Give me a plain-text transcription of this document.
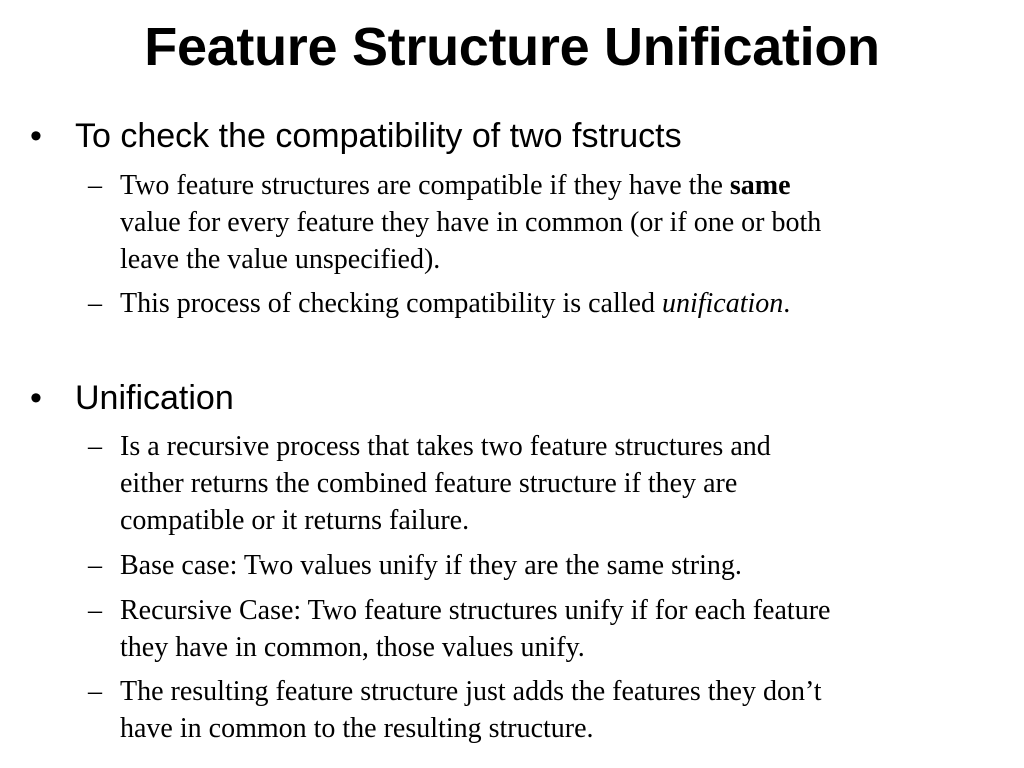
Feature Structure Unification
• To check the compatibility of two fstructs
– Two feature structures are compatible if they have the same
value for every feature they have in common (or if one or both
leave the value unspecified).
– This process of checking compatibility is called unification.
• Unification
– Is a recursive process that takes two feature structures and
either returns the combined feature structure if they are
compatible or it returns failure.
– Base case: Two values unify if they are the same string.
– Recursive Case: Two feature structures unify if for each feature
they have in common, those values unify.
– The resulting feature structure just adds the features they don’t
have in common to the resulting structure.
